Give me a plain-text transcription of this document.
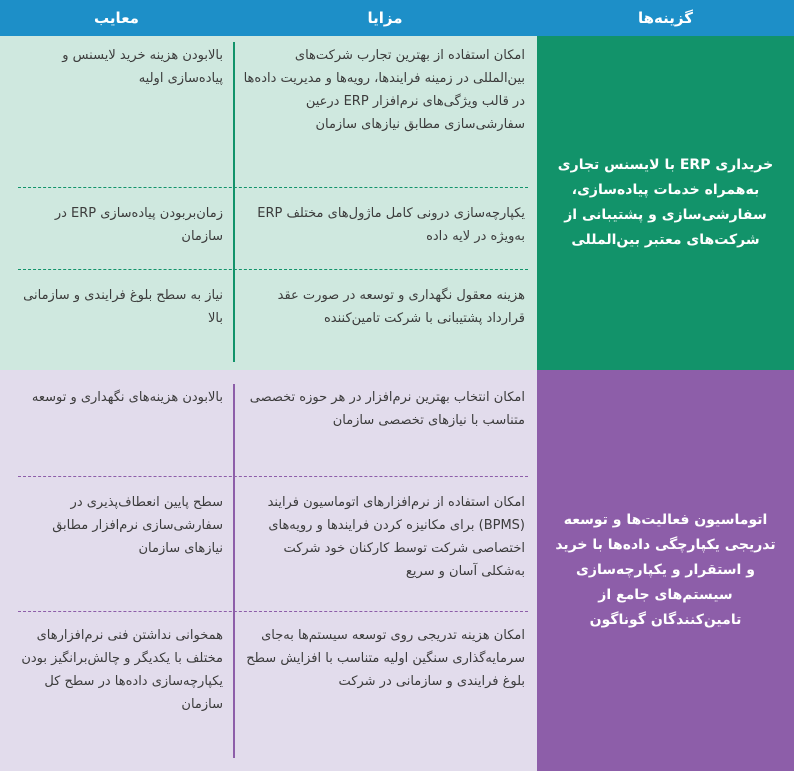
گزینه‌ها
مزایا
معایب
خریداری ERP با لایسنس تجاری به‌همراه خدمات پیاده‌سازی، سفارشی‌سازی و پشتیبانی از شرکت‌های معتبر بین‌المللی
امکان استفاده از بهترین تجارب شرکت‌های بین‌المللی در زمینه فرایندها، رویه‌ها و مدیریت داده‌ها در قالب ویژگی‌های نرم‌افزار ERP درعین سفارشی‌سازی مطابق نیازهای سازمان
بالابودن هزینه خرید لایسنس و پیاده‌سازی اولیه
یکپارچه‌سازی درونی کامل ماژول‌های مختلف ERP به‌ویژه در لایه داده
زمان‌بربودن پیاده‌سازی ERP در سازمان
هزینه معقول نگهداری و توسعه در صورت عقد قرارداد پشتیبانی با شرکت تامین‌کننده
نیاز به سطح بلوغ فرایندی و سازمانی بالا
اتوماسیون فعالیت‌ها و توسعه تدریجی یکپارچگی داده‌ها با خرید و استقرار و یکپارچه‌سازی سیستم‌های جامع از تامین‌کنندگان گوناگون
امکان انتخاب بهترین نرم‌افزار در هر حوزه تخصصی متناسب با نیازهای تخصصی سازمان
بالابودن هزینه‌های نگهداری و توسعه
امکان استفاده از نرم‌افزارهای اتوماسیون فرایند (BPMS) برای مکانیزه کردن فرایندها و رویه‌های اختصاصی شرکت توسط کارکنان خود شرکت به‌شکلی آسان و سریع
سطح پایین انعطاف‌پذیری در سفارشی‌سازی نرم‌افزار مطابق نیازهای سازمان
امکان هزینه تدریجی روی توسعه سیستم‌ها به‌جای سرمایه‌گذاری سنگین اولیه متناسب با افزایش سطح بلوغ فرایندی و سازمانی در شرکت
همخوانی نداشتن فنی نرم‌افزارهای مختلف با یکدیگر و چالش‌برانگیز بودن یکپارچه‌سازی داده‌ها در سطح کل سازمان
